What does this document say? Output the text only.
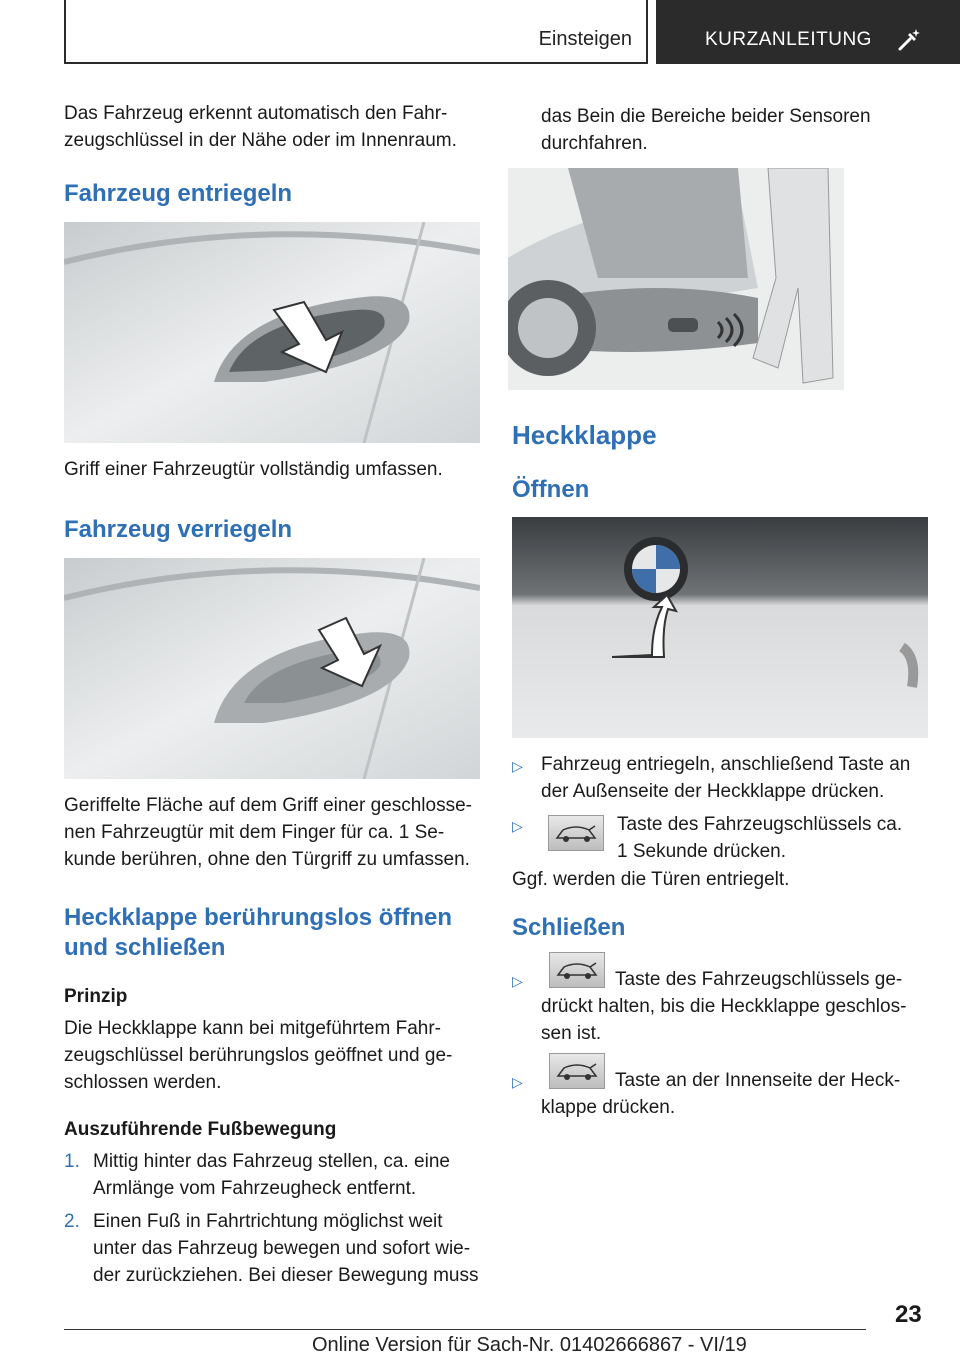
Einsteigen	KURZANLEITUNG
Das Fahrzeug erkennt automatisch den Fahr-
zeugschlüssel in der Nähe oder im Innenraum.
Fahrzeug entriegeln
Griff einer Fahrzeugtür vollständig umfassen.
Fahrzeug verriegeln
Geriffelte Fläche auf dem Griff einer geschlosse-
nen Fahrzeugtür mit dem Finger für ca. 1 Se-
kunde berühren, ohne den Türgriff zu umfassen.
Heckklappe berührungslos öffnen
und schließen
Prinzip
Die Heckklappe kann bei mitgeführtem Fahr-
zeugschlüssel berührungslos geöffnet und ge-
schlossen werden.
Auszuführende Fußbewegung
1. Mittig hinter das Fahrzeug stellen, ca. eine
Armlänge vom Fahrzeugheck entfernt.
2. Einen Fuß in Fahrtrichtung möglichst weit
unter das Fahrzeug bewegen und sofort wie-
der zurückziehen. Bei dieser Bewegung muss
das Bein die Bereiche beider Sensoren
durchfahren.
Heckklappe
Öffnen
▷ Fahrzeug entriegeln, anschließend Taste an
der Außenseite der Heckklappe drücken.
▷	Taste des Fahrzeugschlüssels ca.
1 Sekunde drücken.
Ggf. werden die Türen entriegelt.
Schließen
▷	Taste des Fahrzeugschlüssels ge-
drückt halten, bis die Heckklappe geschlos-
sen ist.
▷	Taste an der Innenseite der Heck-
klappe drücken.
23
Online Version für Sach-Nr. 01402666867 - VI/19
